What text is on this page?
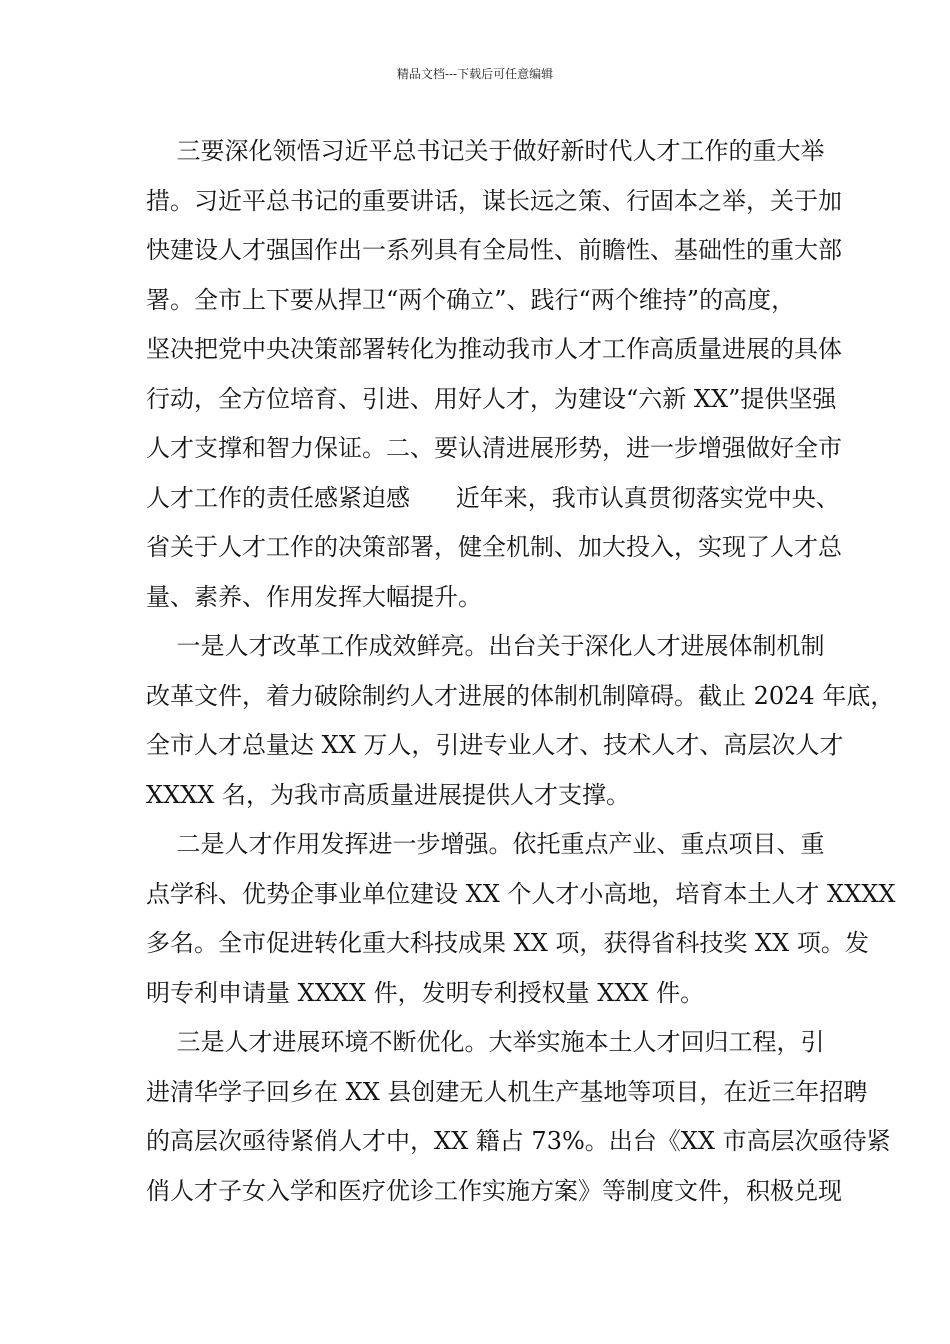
精品文档---下载后可任意编辑
三要深化领悟习近平总书记关于做好新时代人才工作的重大举
措。习近平总书记的重要讲话，谋长远之策、行固本之举，关于加
快建设人才强国作出一系列具有全局性、前瞻性、基础性的重大部
署。全市上下要从捍卫“两个确立”、践行“两个维持”的高度，
坚决把党中央决策部署转化为推动我市人才工作高质量进展的具体
行动，全方位培育、引进、用好人才，为建设“六新 XX”提供坚强
人才支撑和智力保证。二、要认清进展形势，进一步增强做好全市
人才工作的责任感紧迫感      近年来，我市认真贯彻落实党中央、
省关于人才工作的决策部署，健全机制、加大投入，实现了人才总
量、素养、作用发挥大幅提升。
一是人才改革工作成效鲜亮。出台关于深化人才进展体制机制
改革文件，着力破除制约人才进展的体制机制障碍。截止 2024 年底，
全市人才总量达 XX 万人，引进专业人才、技术人才、高层次人才
XXXX 名，为我市高质量进展提供人才支撑。
二是人才作用发挥进一步增强。依托重点产业、重点项目、重
点学科、优势企事业单位建设 XX 个人才小高地，培育本土人才 XXXX
多名。全市促进转化重大科技成果 XX 项，获得省科技奖 XX 项。发
明专利申请量 XXXX 件，发明专利授权量 XXX 件。
三是人才进展环境不断优化。大举实施本土人才回归工程，引
进清华学子回乡在 XX 县创建无人机生产基地等项目，在近三年招聘
的高层次亟待紧俏人才中，XX 籍占 73%。出台《XX 市高层次亟待紧
俏人才子女入学和医疗优诊工作实施方案》等制度文件，积极兑现
